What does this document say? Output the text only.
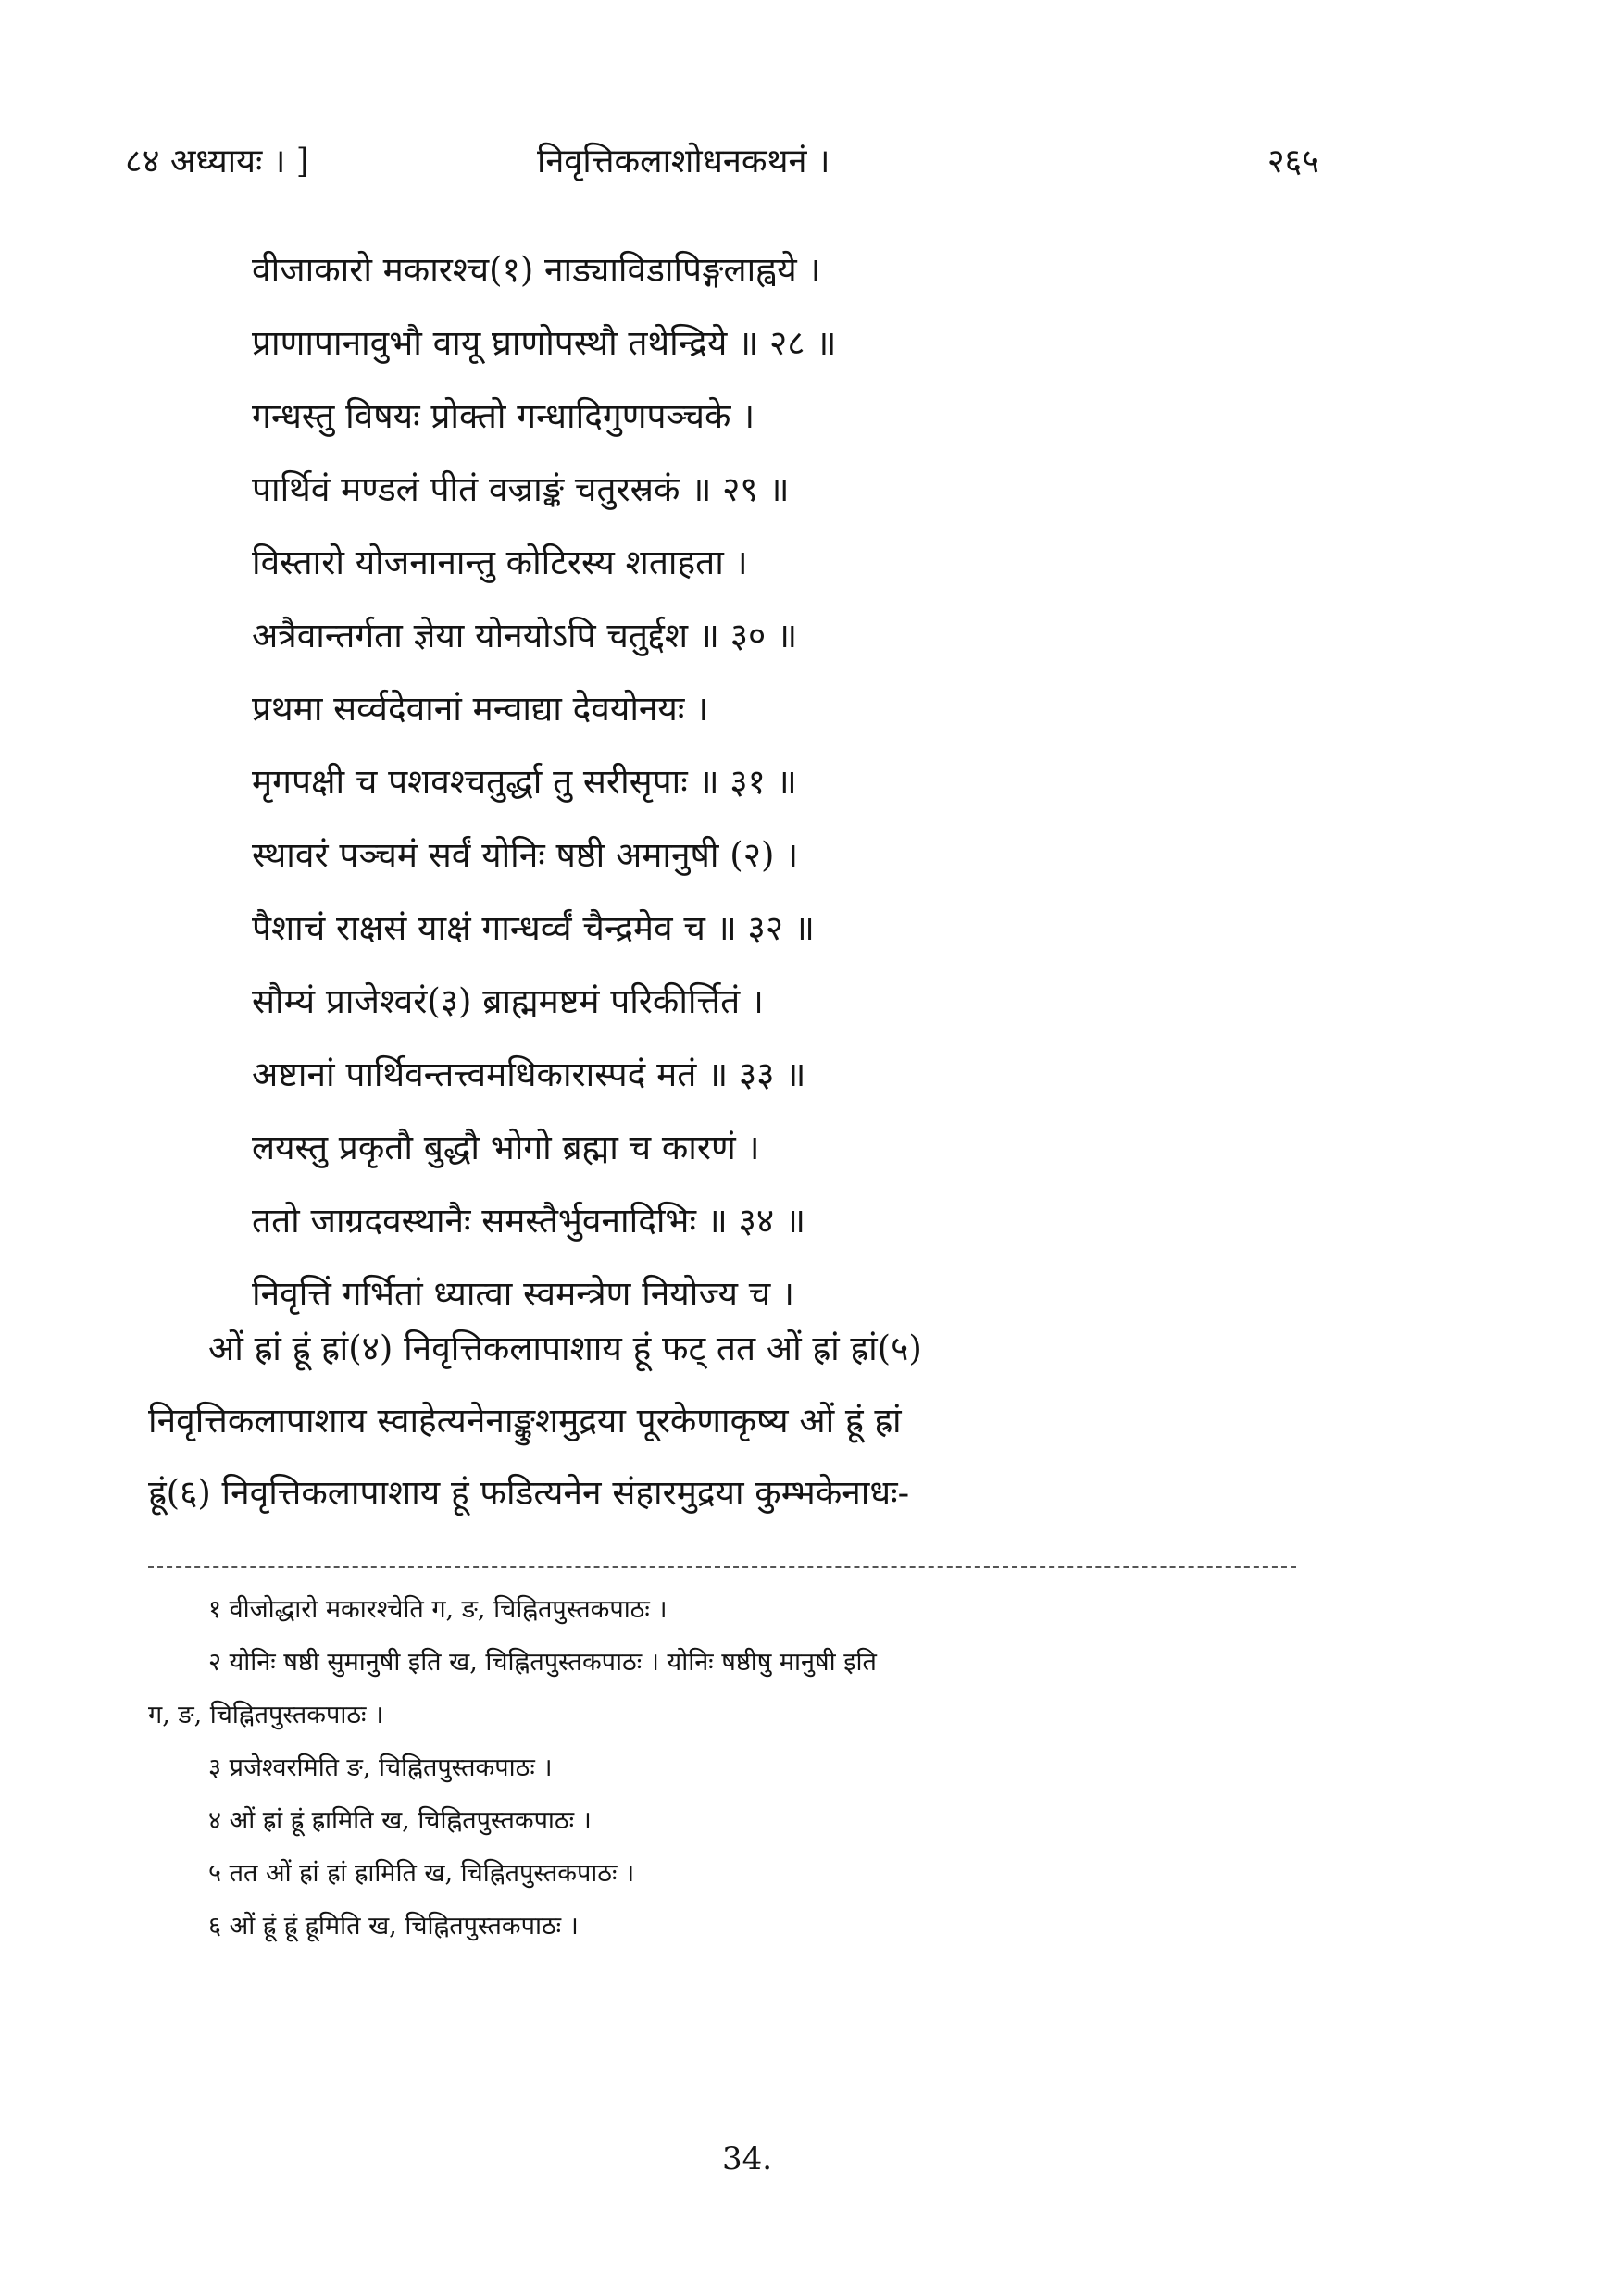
८४ अध्यायः । ]	निवृत्तिकलाशोधनकथनं ।	२६५
वीजाकारो मकारश्च(१) नाड्याविडापिङ्गलाह्वये ।
प्राणापानावुभौ वायू घ्राणोपस्थौ तथेन्द्रिये ॥ २८ ॥
गन्धस्तु विषयः प्रोक्तो गन्धादिगुणपञ्चके ।
पार्थिवं मण्डलं पीतं वज्राङ्कं चतुरस्रकं ॥ २९ ॥
विस्तारो योजनानान्तु कोटिरस्य शताहता ।
अत्रैवान्तर्गता ज्ञेया योनयोऽपि चतुर्द्दश ॥ ३० ॥
प्रथमा सर्व्वदेवानां मन्वाद्या देवयोनयः ।
मृगपक्षी च पशवश्चतुर्द्धा तु सरीसृपाः ॥ ३१ ॥
स्थावरं पञ्चमं सर्वं योनिः षष्ठी अमानुषी (२) ।
पैशाचं राक्षसं याक्षं गान्धर्व्वं चैन्द्रमेव च ॥ ३२ ॥
सौम्यं प्राजेश्वरं(३) ब्राह्ममष्टमं परिकीर्त्तितं ।
अष्टानां पार्थिवन्तत्त्वमधिकारास्पदं मतं ॥ ३३ ॥
लयस्तु प्रकृतौ बुद्धौ भोगो ब्रह्मा च कारणं ।
ततो जाग्रदवस्थानैः समस्तैर्भुवनादिभिः ॥ ३४ ॥
निवृत्तिं गर्भितां ध्यात्वा स्वमन्त्रेण नियोज्य च ।
ओं ह्रां ह्रूं ह्रां(४) निवृत्तिकलापाशाय हूं फट् तत ओं ह्रां ह्रां(५)
निवृत्तिकलापाशाय स्वाहेत्यनेनाङ्कुशमुद्रया पूरकेणाकृष्य ओं ह्रूं ह्रां
ह्रूं(६) निवृत्तिकलापाशाय हूं फडित्यनेन संहारमुद्रया कुम्भकेनाधः-
१ वीजोद्धारो मकारश्चेति ग, ङ, चिह्नितपुस्तकपाठः ।
२ योनिः षष्ठी सुमानुषी इति ख, चिह्नितपुस्तकपाठः । योनिः षष्ठीषु मानुषी इति
ग, ङ, चिह्नितपुस्तकपाठः ।
३ प्रजेश्वरमिति ङ, चिह्नितपुस्तकपाठः ।
४ ओं ह्रां ह्रूं ह्रामिति ख, चिह्नितपुस्तकपाठः ।
५ तत ओं ह्रां ह्रां ह्रामिति ख, चिह्नितपुस्तकपाठः ।
६ ओं ह्रूं ह्रूं ह्रूमिति ख, चिह्नितपुस्तकपाठः ।
34.
